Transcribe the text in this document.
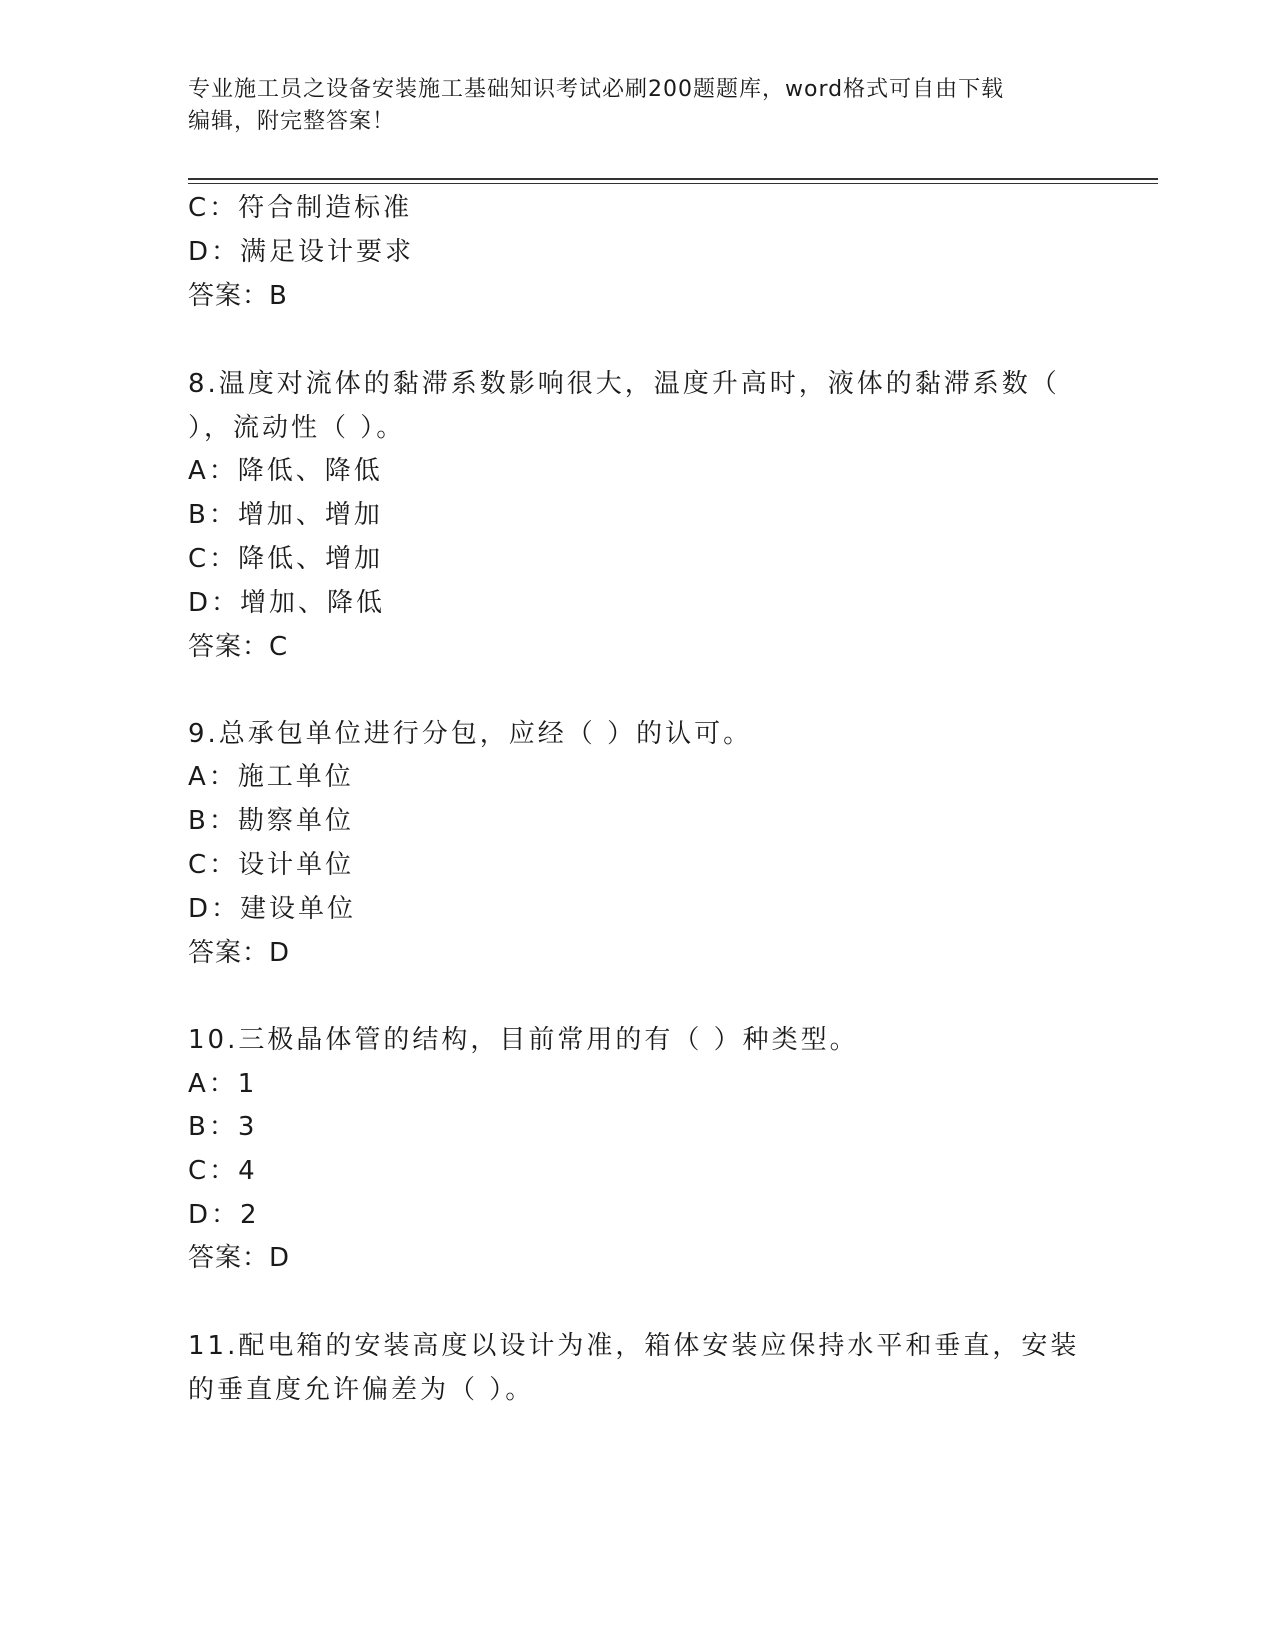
专业施工员之设备安装施工基础知识考试必刷200题题库，word格式可自由下载
编辑，附完整答案！
C：符合制造标准
D：满足设计要求
答案：B
8.温度对流体的黏滞系数影响很大，温度升高时，液体的黏滞系数（
），流动性（ ）。
A：降低、降低
B：增加、增加
C：降低、增加
D：增加、降低
答案：C
9.总承包单位进行分包，应经（ ）的认可。
A：施工单位
B：勘察单位
C：设计单位
D：建设单位
答案：D
10.三极晶体管的结构，目前常用的有（ ）种类型。
A：1
B：3
C：4
D：2
答案：D
11.配电箱的安装高度以设计为准，箱体安装应保持水平和垂直，安装
的垂直度允许偏差为（ ）。
